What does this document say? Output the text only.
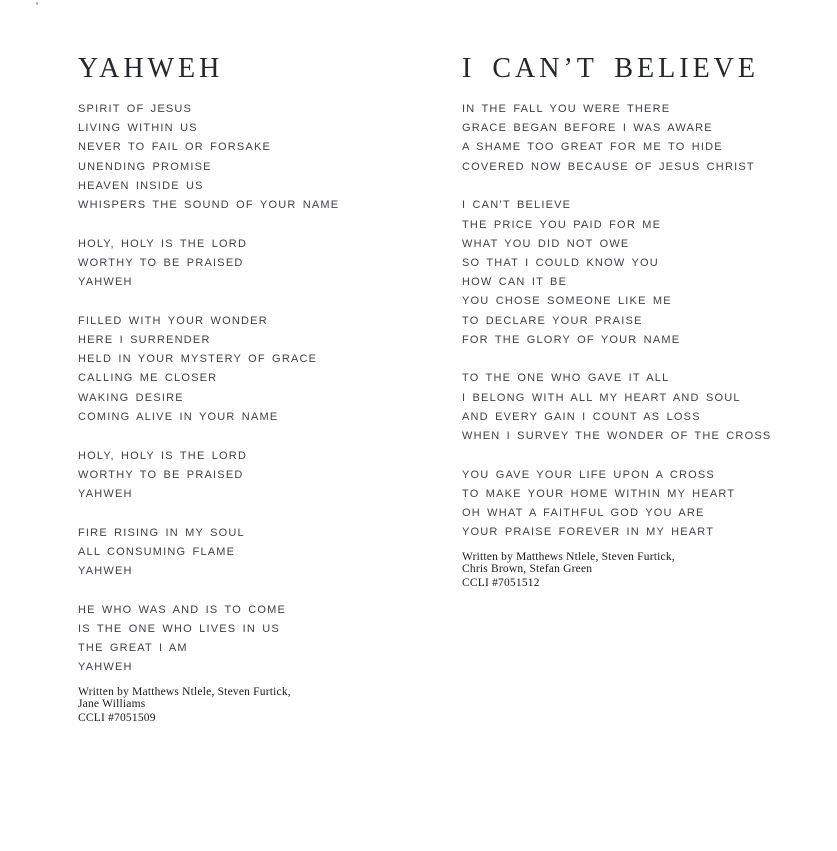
YAHWEH

SPIRIT OF JESUS

LIVING WITHIN US

NEVER TO FAIL OR FORSAKE

UNENDING PROMISE

HEAVEN INSIDE US

WHISPERS THE SOUND OF YOUR NAME

HOLY, HOLY IS THE LORD

WORTHY TO BE PRAISED

YAHWEH

FILLED WITH YOUR WONDER

HERE I SURRENDER

HELD IN YOUR MYSTERY OF GRACE

CALLING ME CLOSER

WAKING DESIRE

COMING ALIVE IN YOUR NAME

HOLY, HOLY IS THE LORD

WORTHY TO BE PRAISED

YAHWEH

FIRE RISING IN MY SOUL

ALL CONSUMING FLAME

YAHWEH

HE WHO WAS AND IS TO COME

IS THE ONE WHO LIVES IN US

THE GREAT I AM

YAHWEH

Written by Matthews Ntlele, Steven Furtick,

Jane Williams

CCLI #7051509

I CAN’T BELIEVE

IN THE FALL YOU WERE THERE

GRACE BEGAN BEFORE I WAS AWARE

A SHAME TOO GREAT FOR ME TO HIDE

COVERED NOW BECAUSE OF JESUS CHRIST

I CAN’T BELIEVE

THE PRICE YOU PAID FOR ME

WHAT YOU DID NOT OWE

SO THAT I COULD KNOW YOU

HOW CAN IT BE

YOU CHOSE SOMEONE LIKE ME

TO DECLARE YOUR PRAISE

FOR THE GLORY OF YOUR NAME

TO THE ONE WHO GAVE IT ALL

I BELONG WITH ALL MY HEART AND SOUL

AND EVERY GAIN I COUNT AS LOSS

WHEN I SURVEY THE WONDER OF THE CROSS

YOU GAVE YOUR LIFE UPON A CROSS

TO MAKE YOUR HOME WITHIN MY HEART

OH WHAT A FAITHFUL GOD YOU ARE

YOUR PRAISE FOREVER IN MY HEART

Written by Matthews Ntlele, Steven Furtick,

Chris Brown, Stefan Green

CCLI #7051512
